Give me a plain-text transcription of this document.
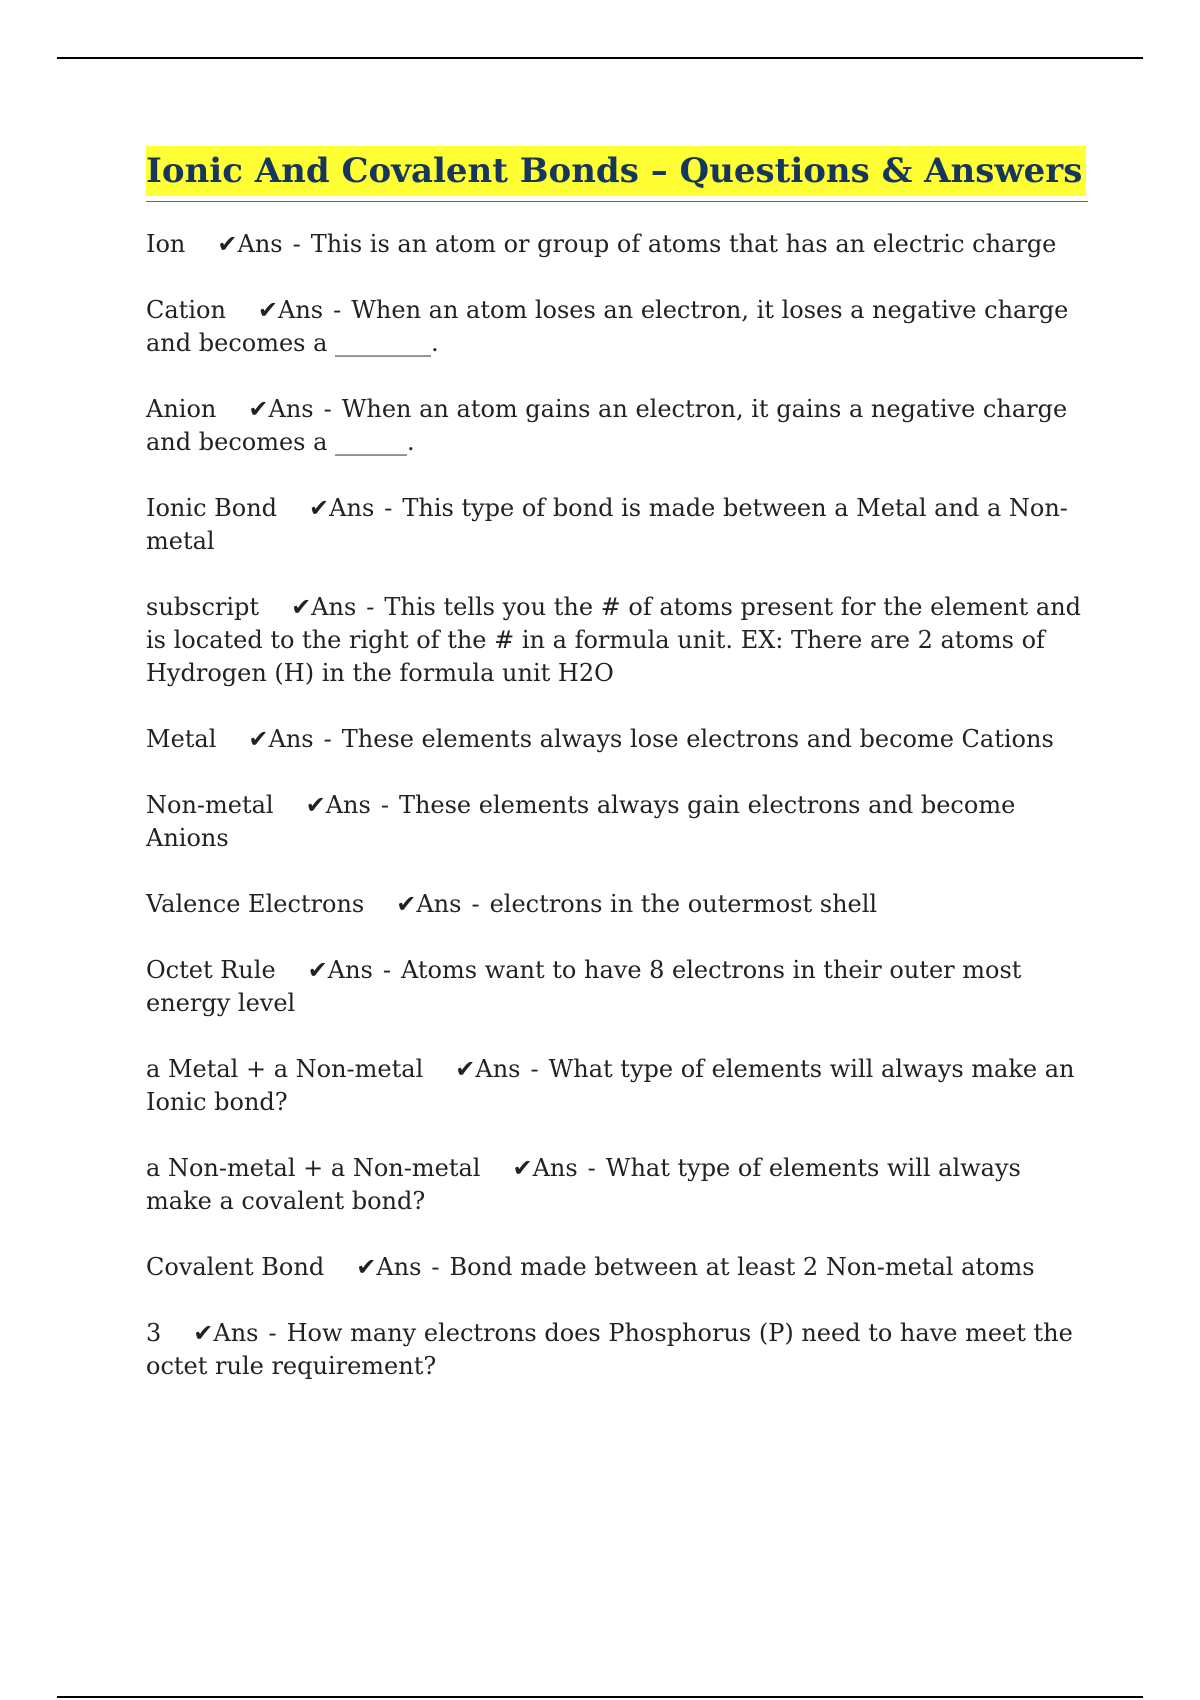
Ionic And Covalent Bonds – Questions & Answers

Ion ✔Ans - This is an atom or group of atoms that has an electric charge

Cation ✔Ans - When an atom loses an electron, it loses a negative charge and becomes a ________.

Anion ✔Ans - When an atom gains an electron, it gains a negative charge and becomes a ______.

Ionic Bond ✔Ans - This type of bond is made between a Metal and a Non-metal

subscript ✔Ans - This tells you the # of atoms present for the element and is located to the right of the # in a formula unit. EX: There are 2 atoms of Hydrogen (H) in the formula unit H2O

Metal ✔Ans - These elements always lose electrons and become Cations

Non-metal ✔Ans - These elements always gain electrons and become Anions

Valence Electrons ✔Ans - electrons in the outermost shell

Octet Rule ✔Ans - Atoms want to have 8 electrons in their outer most energy level

a Metal + a Non-metal ✔Ans - What type of elements will always make an Ionic bond?

a Non-metal + a Non-metal ✔Ans - What type of elements will always make a covalent bond?

Covalent Bond ✔Ans - Bond made between at least 2 Non-metal atoms

3 ✔Ans - How many electrons does Phosphorus (P) need to have meet the octet rule requirement?
